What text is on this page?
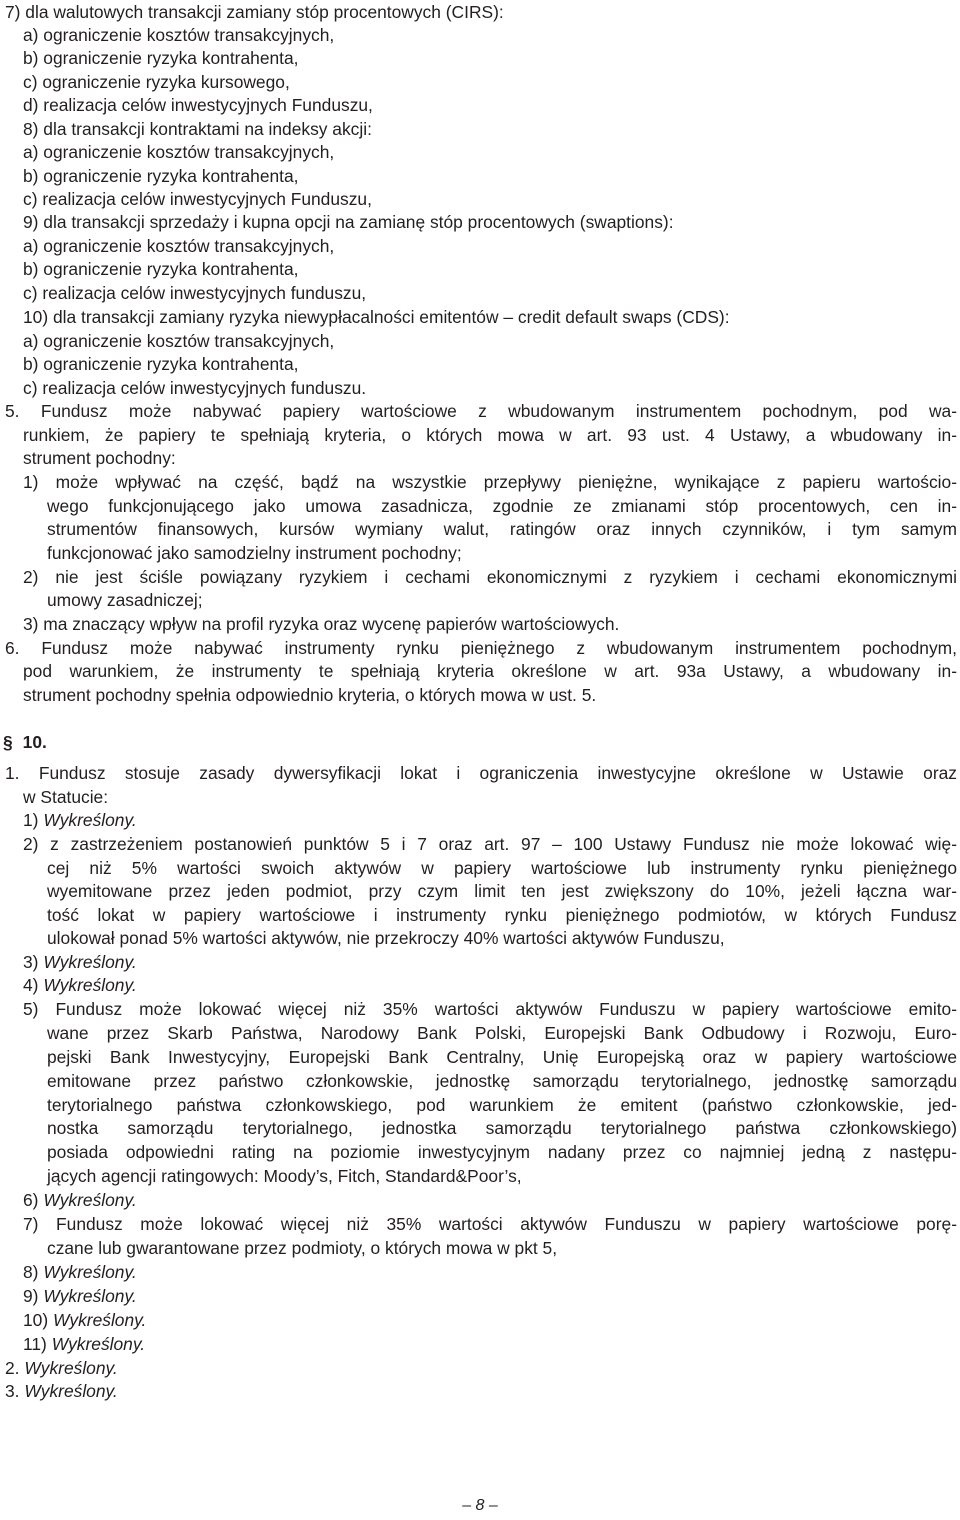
7) dla walutowych transakcji zamiany stóp procentowych (CIRS):
a) ograniczenie kosztów transakcyjnych,
b) ograniczenie ryzyka kontrahenta,
c) ograniczenie ryzyka kursowego,
d) realizacja celów inwestycyjnych Funduszu,
8) dla transakcji kontraktami na indeksy akcji:
a) ograniczenie kosztów transakcyjnych,
b) ograniczenie ryzyka kontrahenta,
c) realizacja celów inwestycyjnych Funduszu,
9) dla transakcji sprzedaży i kupna opcji na zamianę stóp procentowych (swaptions):
a) ograniczenie kosztów transakcyjnych,
b) ograniczenie ryzyka kontrahenta,
c) realizacja celów inwestycyjnych funduszu,
10) dla transakcji zamiany ryzyka niewypłacalności emitentów – credit default swaps (CDS):
a) ograniczenie kosztów transakcyjnych,
b) ograniczenie ryzyka kontrahenta,
c) realizacja celów inwestycyjnych funduszu.
5. Fundusz może nabywać papiery wartościowe z wbudowanym instrumentem pochodnym, pod wa-
runkiem, że papiery te spełniają kryteria, o których mowa w art. 93 ust. 4 Ustawy, a wbudowany in-
strument pochodny:
1) może wpływać na część, bądź na wszystkie przepływy pieniężne, wynikające z papieru wartościo-
wego funkcjonującego jako umowa zasadnicza, zgodnie ze zmianami stóp procentowych, cen in-
strumentów finansowych, kursów wymiany walut, ratingów oraz innych czynników, i tym samym
funkcjonować jako samodzielny instrument pochodny;
2) nie jest ściśle powiązany ryzykiem i cechami ekonomicznymi z ryzykiem i cechami ekonomicznymi
umowy zasadniczej;
3) ma znaczący wpływ na profil ryzyka oraz wycenę papierów wartościowych.
6. Fundusz może nabywać instrumenty rynku pieniężnego z wbudowanym instrumentem pochodnym,
pod warunkiem, że instrumenty te spełniają kryteria określone w art. 93a Ustawy, a wbudowany in-
strument pochodny spełnia odpowiednio kryteria, o których mowa w ust. 5.
§ 10.
1. Fundusz stosuje zasady dywersyfikacji lokat i ograniczenia inwestycyjne określone w Ustawie oraz
w Statucie:
1) Wykreślony.
2) z zastrzeżeniem postanowień punktów 5 i 7 oraz art. 97 – 100 Ustawy Fundusz nie może lokować wię-
cej niż 5% wartości swoich aktywów w papiery wartościowe lub instrumenty rynku pieniężnego
wyemitowane przez jeden podmiot, przy czym limit ten jest zwiększony do 10%, jeżeli łączna war-
tość lokat w papiery wartościowe i instrumenty rynku pieniężnego podmiotów, w których Fundusz
ulokował ponad 5% wartości aktywów, nie przekroczy 40% wartości aktywów Funduszu,
3) Wykreślony.
4) Wykreślony.
5) Fundusz może lokować więcej niż 35% wartości aktywów Funduszu w papiery wartościowe emito-
wane przez Skarb Państwa, Narodowy Bank Polski, Europejski Bank Odbudowy i Rozwoju, Euro-
pejski Bank Inwestycyjny, Europejski Bank Centralny, Unię Europejską oraz w papiery wartościowe
emitowane przez państwo członkowskie, jednostkę samorządu terytorialnego, jednostkę samorządu
terytorialnego państwa członkowskiego, pod warunkiem że emitent (państwo członkowskie, jed-
nostka samorządu terytorialnego, jednostka samorządu terytorialnego państwa członkowskiego)
posiada odpowiedni rating na poziomie inwestycyjnym nadany przez co najmniej jedną z następu-
jących agencji ratingowych: Moody’s, Fitch, Standard&Poor’s,
6) Wykreślony.
7) Fundusz może lokować więcej niż 35% wartości aktywów Funduszu w papiery wartościowe porę-
czane lub gwarantowane przez podmioty, o których mowa w pkt 5,
8) Wykreślony.
9) Wykreślony.
10) Wykreślony.
11) Wykreślony.
2. Wykreślony.
3. Wykreślony.
– 8 –
